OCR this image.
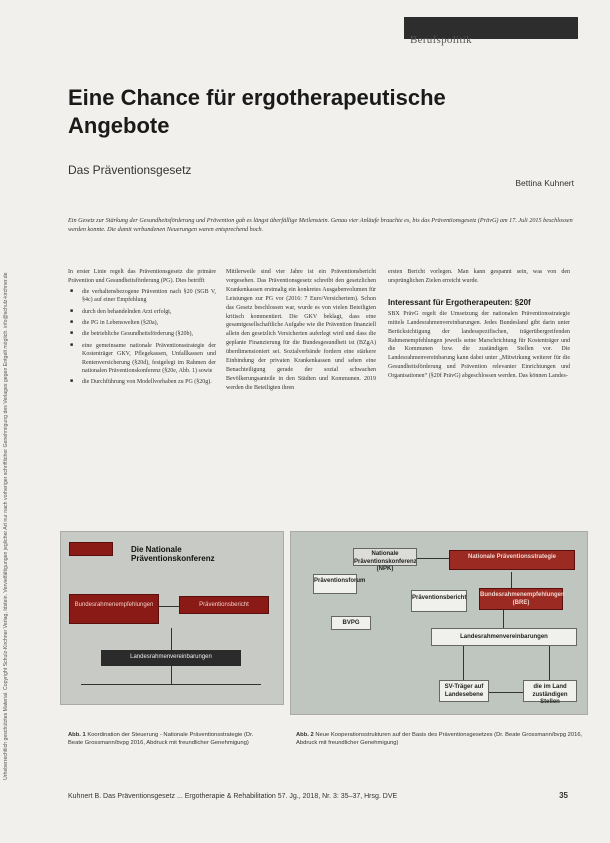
Urheberrechtlich geschütztes Material. Copyright Schulz-Kirchner Verlag, Idstein. Vervielfältigungen jeglicher Art nur nach vorheriger schriftlicher Genehmigung des Verlages gegen Entgelt möglich. info@schulz-kirchner.de
Berufspolitik
Eine Chance für ergotherapeutische Angebote
Das Präventionsgesetz
Bettina Kuhnert
Ein Gesetz zur Stärkung der Gesundheitsförderung und Prävention gab es längst überfällige Meilenstein. Genau vier Anläufe brauchte es, bis das Präventionsgesetz (PrävG) am 17. Juli 2015 beschlossen werden konnte. Die damit verbundenen Neuerungen waren entsprechend hoch.

In erster Linie regelt das Präventionsgesetz die primäre Prävention und Gesundheitsförderung (PG). Dies betrifft

■ die verhaltensbezogene Prävention nach §20 (SGB V, §4c) auf einer Empfehlung
■ durch den behandelnden Arzt erfolgt,
■ die PG in Lebenswelten (§20a),
■ die betriebliche Gesundheitsförderung (§20b),
■ eine gemeinsame nationale Präventionsstrategie der Kostenträger GKV, Pflegekassen, Unfallkassen und Rentenversicherung (§20d), festgelegt im Rahmen der nationalen Präventionskonferenz (§20e, Abb. 1) sowie
■ die Durchführung von Modellvorhaben zu PG (§20g).

Mittlerweile sind vier Jahre ist ein Präventionsbericht vorgesehen. Das Präventionsgesetz schreibt den gesetzlichen Krankenkassen erstmalig ein konkretes Ausgabenvolumen für Leistungen zur PG vor (2016: 7 Euro/Versichertem). Schon das Gesetz beschlossen war, wurde es von vielen Beteiligten kritisch kommentiert. Die GKV beklagt, dass eine gesamtgesellschaftliche Aufgabe wie die Prävention finanziell allein den gesetzlich Versicherten auferlegt wird und dass die geplante Finanzierung für die Bundesgesundheit ist (BZgA) überdimensioniert sei. Sozialverbände fordern eine stärkere Einbindung der privaten Krankenkassen und sehen eine Benachteiligung gerade der sozial schwachen Bevölkerungsanteile in den Städten und Kommunen. 2019 werden die Beteiligten ihren

ersten Bericht vorlegen. Man kann gespannt sein, was von den ursprünglichen Zielen erreicht wurde.

Interessant für Ergotherapeuten: §20f

SBX PrävG regelt die Umsetzung der nationalen Präventionsstrategie mittels Landesrahmenvereinbarungen. Jedes Bundesland gibt darin unter Berücksichtigung der landesspezifischen, trägerübergreifenden Rahmenempfehlungen jeweils seine Marschrichtung für Kostenträger und die Kommunen bzw. die zuständigen Stellen vor. Die Landesrahmenvereinbarung kann dabei unter „Mitwirkung weiterer für die Gesundheitsförderung und Prävention relevanter Einrichtungen und Organisationen“ (§20f PrävG) abgeschlossen werden. Das können Landes-

Die Nationale Präventionskonferenz
Bundesrahmenempfehlungen	Präventionsbericht
Landesrahmenvereinbarungen
Nationale Präventionskonferenz (NPK)
Nationale Präventionsstrategie
Präventionsforum
Präventionsbericht Bundesrahmenempfehlungen (BRE)
BVPG
Landesrahmenvereinbarungen
SV-Träger auf Landesebene
die im Land zuständigen Stellen
Abb. 1 Koordination der Steuerung - Nationale Präventionsstrategie (Dr. Beate Grossmann/bvpg 2016, Abdruck mit freundlicher Genehmigung)
Abb. 2 Neue Kooperationsstrukturen auf der Basis des Präventionsgesetzes (Dr. Beate Grossmann/bvpg 2016, Abdruck mit freundlicher Genehmigung)
Kuhnert B. Das Präventionsgesetz ... Ergotherapie & Rehabilitation 57. Jg., 2018, Nr. 3: 35–37, Hrsg. DVE	35
